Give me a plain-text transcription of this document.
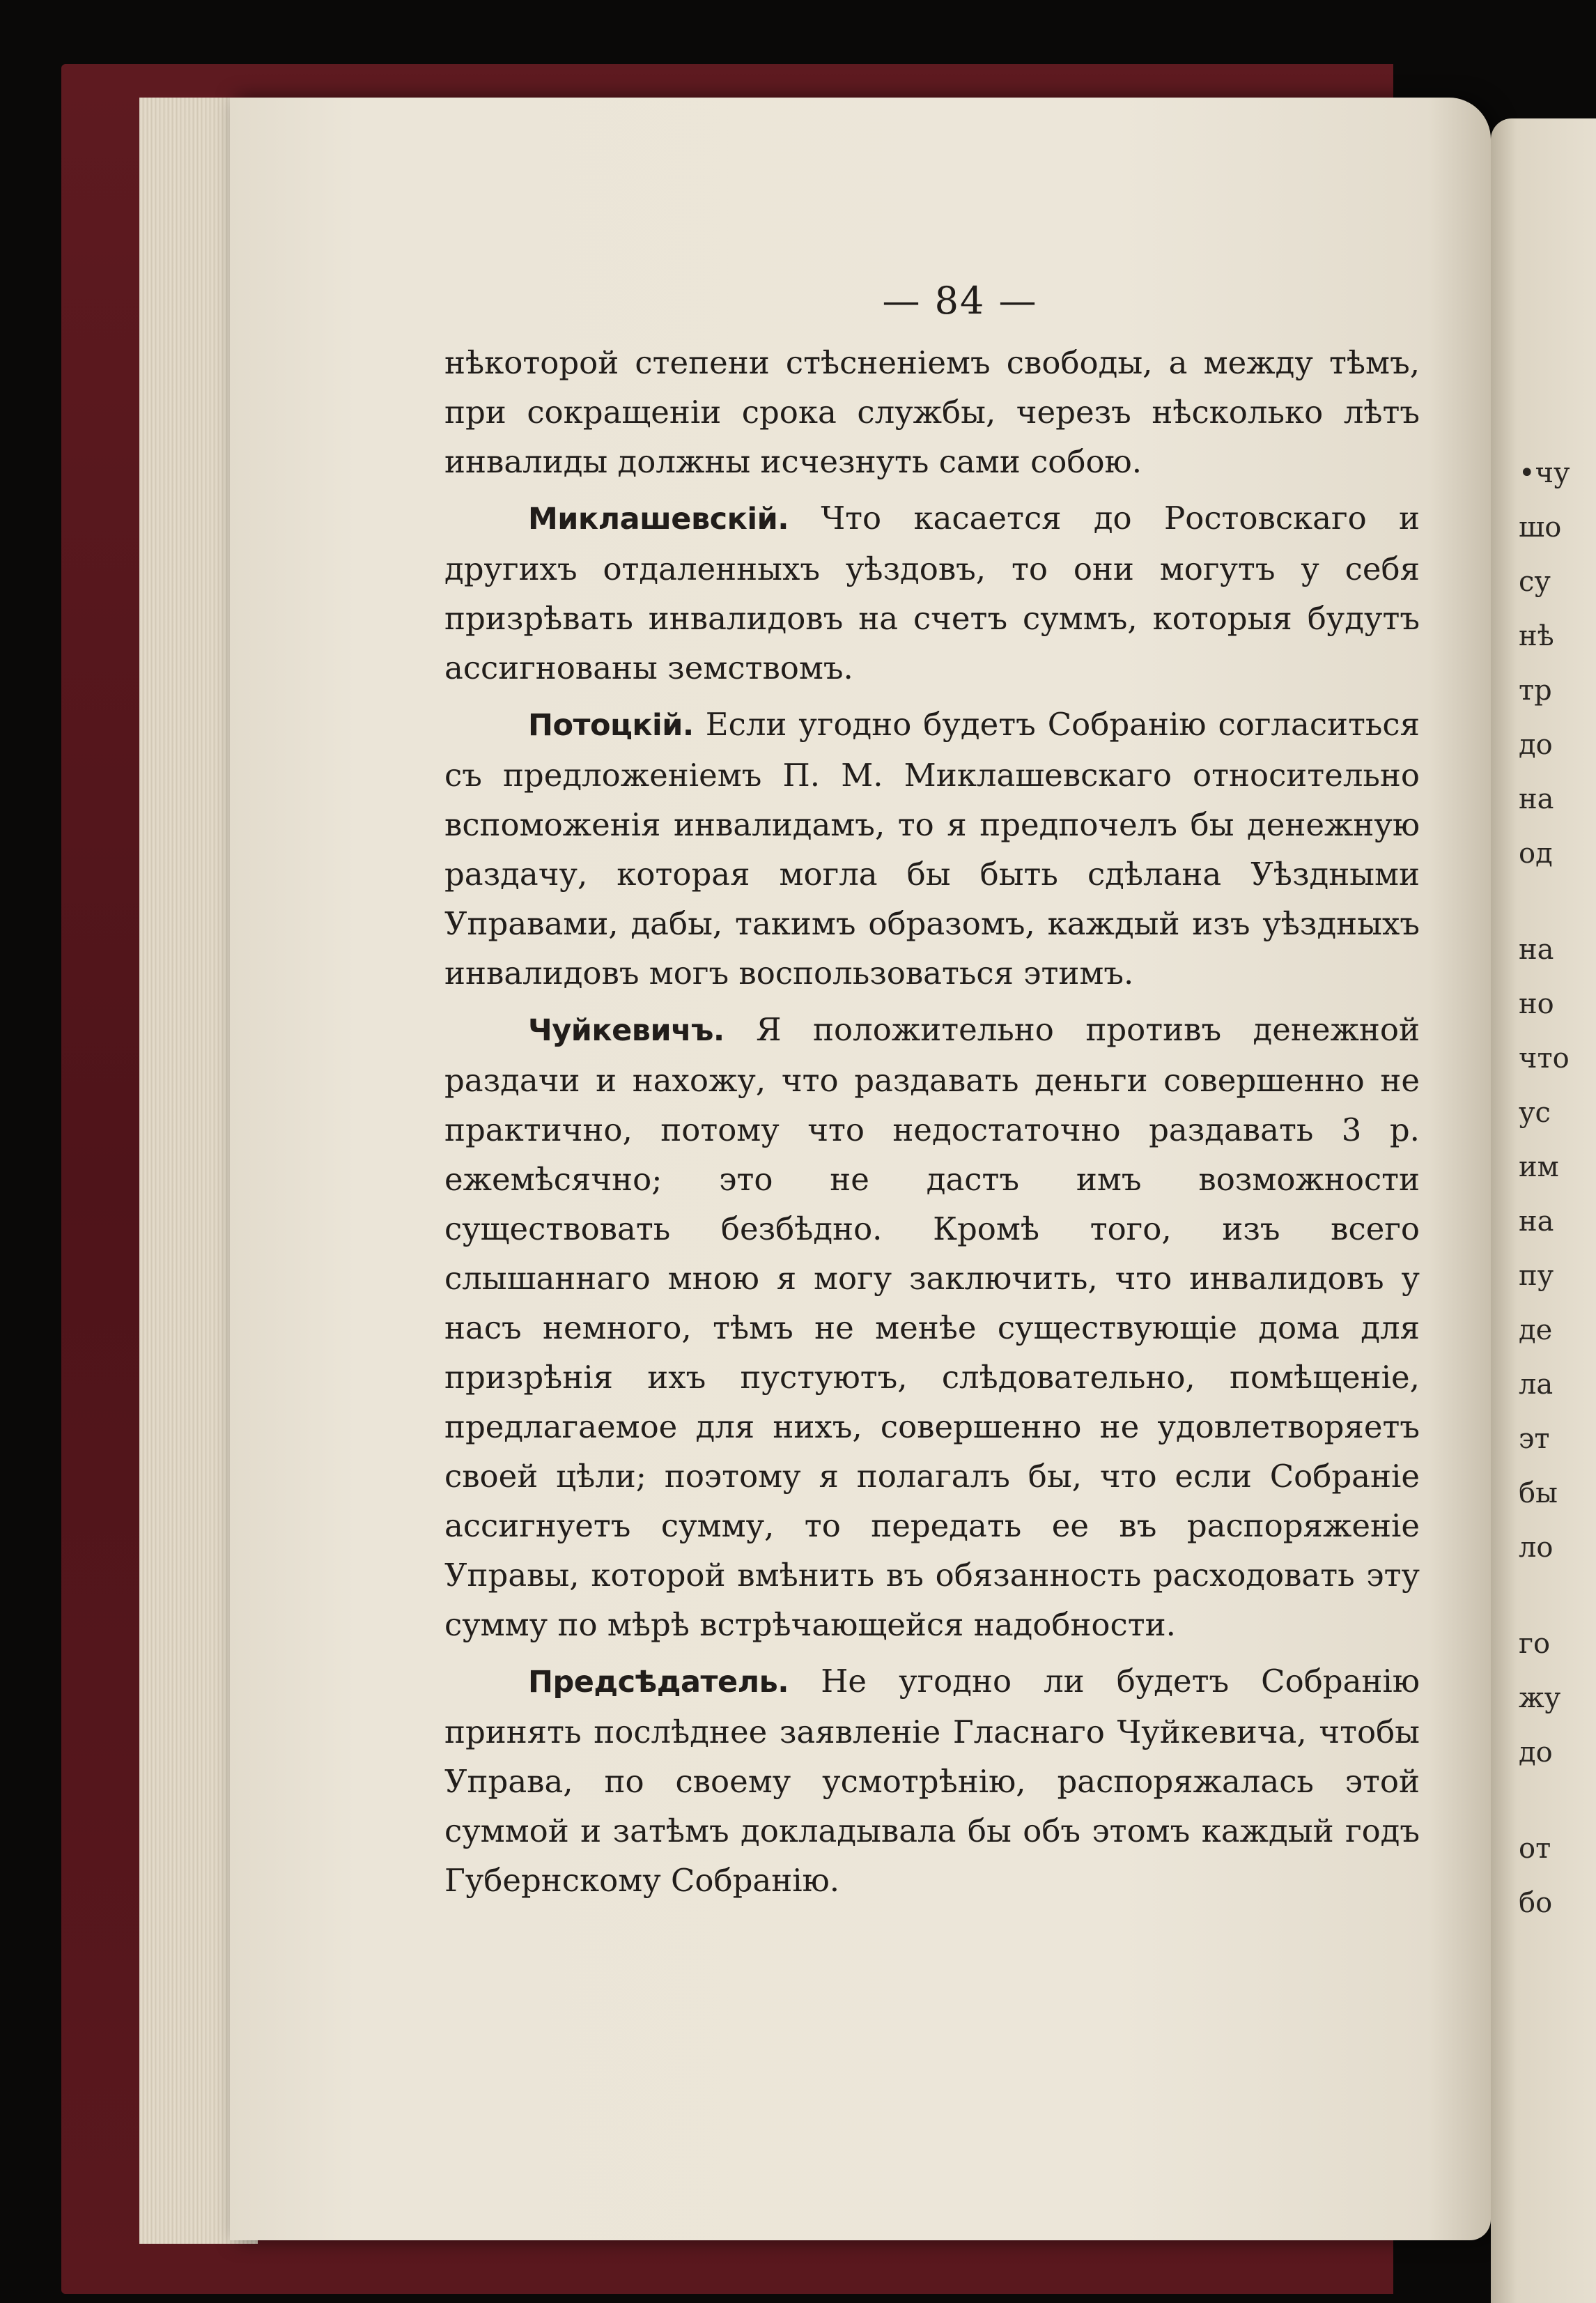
•чу
шо
су
нѣ
тр
до
на
од
на
но
что
ус
им
на
пу
де
ла
эт
бы
ло
го
жу
до
от
бо
— 84 —

нѣкоторой степени стѣсненіемъ свободы, а между тѣмъ, при сокращеніи срока службы, черезъ нѣсколько лѣтъ инвалиды должны исчезнуть сами собою.

Миклашевскій. Что касается до Ростовскаго и другихъ отдаленныхъ уѣздовъ, то они могутъ у себя призрѣвать инвалидовъ на счетъ суммъ, которыя будутъ ассигнованы земствомъ.

Потоцкій. Если угодно будетъ Собранію согласиться съ предложеніемъ П. М. Миклашевскаго относительно вспоможенія инвалидамъ, то я предпочелъ бы денежную раздачу, которая могла бы быть сдѣлана Уѣздными Управами, дабы, такимъ образомъ, каждый изъ уѣздныхъ инвалидовъ могъ воспользоваться этимъ.

Чуйкевичъ. Я положительно противъ денежной раздачи и нахожу, что раздавать деньги совершенно не практично, потому что недостаточно раздавать 3 р. ежемѣсячно; это не дастъ имъ возможности существовать безбѣдно. Кромѣ того, изъ всего слышаннаго мною я могу заключить, что инвалидовъ у насъ немного, тѣмъ не менѣе существующіе дома для призрѣнія ихъ пустуютъ, слѣдовательно, помѣщеніе, предлагаемое для нихъ, совершенно не удовлетворяетъ своей цѣли; поэтому я полагалъ бы, что если Собраніе ассигнуетъ сумму, то передать ее въ распоряженіе Управы, которой вмѣнить въ обязанность расходовать эту сумму по мѣрѣ встрѣчающейся надобности.

Предсѣдатель. Не угодно ли будетъ Собранію принять послѣднее заявленіе Гласнаго Чуйкевича, чтобы Управа, по своему усмотрѣнію, распоряжалась этой суммой и затѣмъ докладывала бы объ этомъ каждый годъ Губернскому Собранію.
